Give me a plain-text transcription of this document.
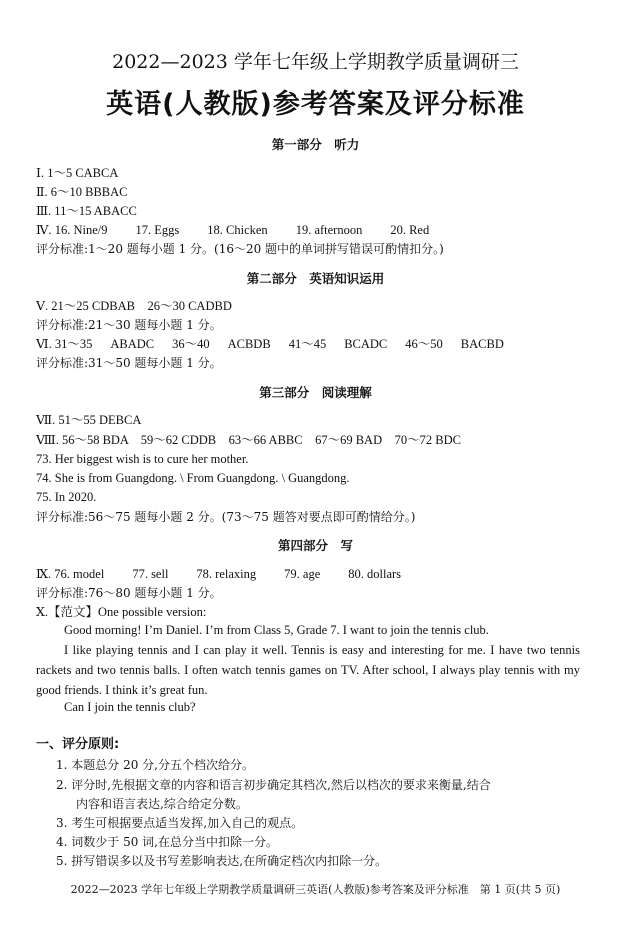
2022—2023 学年七年级上学期教学质量调研三
英语(人教版)参考答案及评分标准
第一部分　听力
Ⅰ. 1～5 CABCA
Ⅱ. 6～10 BBBAC
Ⅲ. 11～15 ABACC
Ⅳ. 16. Nine/9 17. Eggs 18. Chicken 19. afternoon 20. Red
评分标准:1～20 题每小题 1 分。(16～20 题中的单词拼写错误可酌情扣分。)
第二部分　英语知识运用
Ⅴ. 21～25 CDBAB　26～30 CADBD
评分标准:21～30 题每小题 1 分。
Ⅵ. 31～35 ABADC 36～40 ACBDB 41～45 BCADC 46～50 BACBD
评分标准:31～50 题每小题 1 分。
第三部分　阅读理解
Ⅶ. 51～55 DEBCA
Ⅷ. 56～58 BDA　59～62 CDDB　63～66 ABBC　67～69 BAD　70～72 BDC
73. Her biggest wish is to cure her mother.
74. She is from Guangdong. \ From Guangdong. \ Guangdong.
75. In 2020.
评分标准:56～75 题每小题 2 分。(73～75 题答对要点即可酌情给分。)
第四部分　写
Ⅸ. 76. model 77. sell 78. relaxing 79. age 80. dollars
评分标准:76～80 题每小题 1 分。
Ⅹ.【范文】One possible version:
Good morning! I’m Daniel. I’m from Class 5, Grade 7. I want to join the tennis club.
I like playing tennis and I can play it well. Tennis is easy and interesting for me. I have two tennis rackets and two tennis balls. I often watch tennis games on TV. After school, I always play tennis with my good friends. I think it’s great fun.
Can I join the tennis club?
一、评分原则:
1. 本题总分 20 分,分五个档次给分。
2. 评分时,先根据文章的内容和语言初步确定其档次,然后以档次的要求来衡量,结合
内容和语言表达,综合给定分数。
3. 考生可根据要点适当发挥,加入自己的观点。
4. 词数少于 50 词,在总分当中扣除一分。
5. 拼写错误多以及书写差影响表达,在所确定档次内扣除一分。
2022—2023 学年七年级上学期教学质量调研三英语(人教版)参考答案及评分标准　第 1 页(共 5 页)
